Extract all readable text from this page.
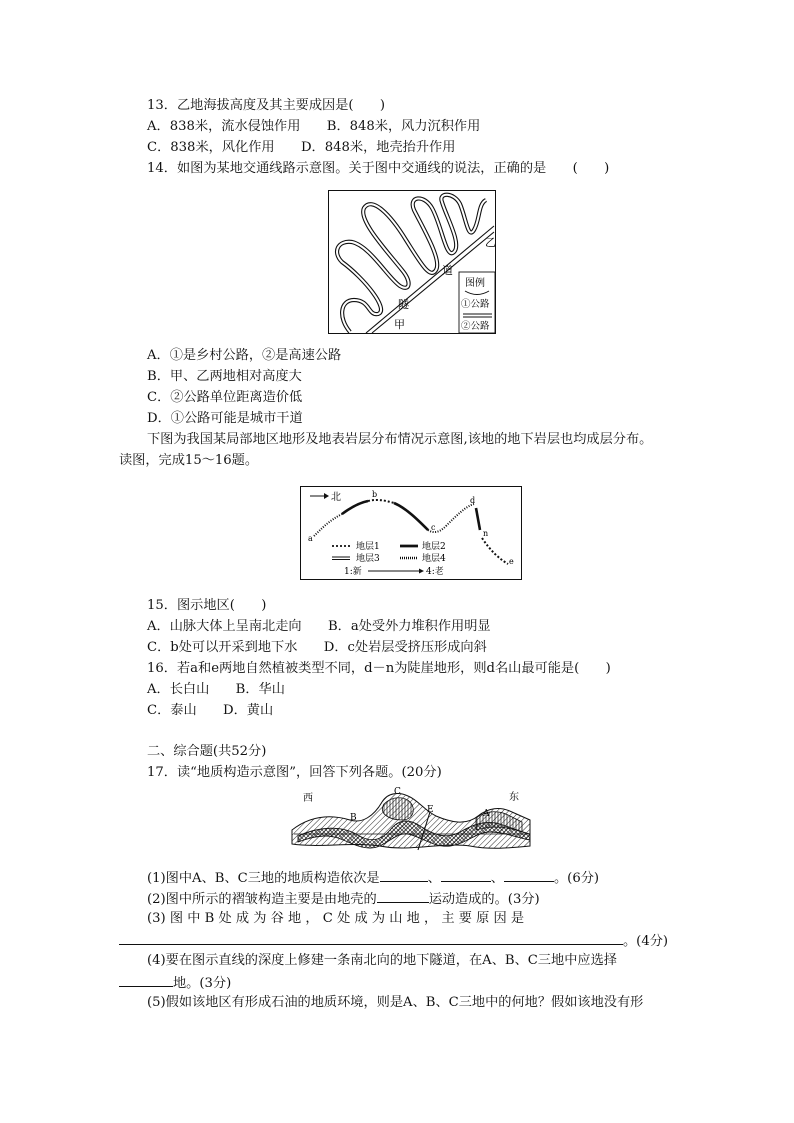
13．乙地海拔高度及其主要成因是(　　)
A．838米，流水侵蚀作用　　B．848米，风力沉积作用
C．838米，风化作用　　D．848米，地壳抬升作用
14．如图为某地交通线路示意图。关于图中交通线的说法，正确的是　　(　　)
乙
道
隧
甲
图例
①公路
②公路
A．①是乡村公路，②是高速公路
B．甲、乙两地相对高度大
C．②公路单位距离造价低
D．①公路可能是城市干道
下图为我国某局部地区地形及地表岩层分布情况示意图,该地的地下岩层也均成层分布。
读图，完成15～16题。
北
a
b
c
d
n
e
地层1	地层2
地层3	地层4
1:新	4:老
15．图示地区(　　)
A．山脉大体上呈南北走向　　B．a处受外力堆积作用明显
C．b处可以开采到地下水　　D．c处岩层受挤压形成向斜
16．若a和e两地自然植被类型不同，d－n为陡崖地形，则d名山最可能是(　　)
A．长白山　　B．华山
C．泰山　　D．黄山
二、综合题(共52分)
17．读“地质构造示意图”，回答下列各题。(20分)
西	东
C
E
B	A
(1)图中A、B、C三地的地质构造依次是	、	、	。(6分)
(2)图中所示的褶皱构造主要是由地壳的	运动造成的。(3分)
(3) 图 中 B 处 成 为 谷 地 ， C 处 成 为 山 地 ， 主 要 原 因 是
。(4分)
(4)要在图示直线的深度上修建一条南北向的地下隧道，在A、B、C三地中应选择
地。(3分)
(5)假如该地区有形成石油的地质环境，则是A、B、C三地中的何地？假如该地没有形
